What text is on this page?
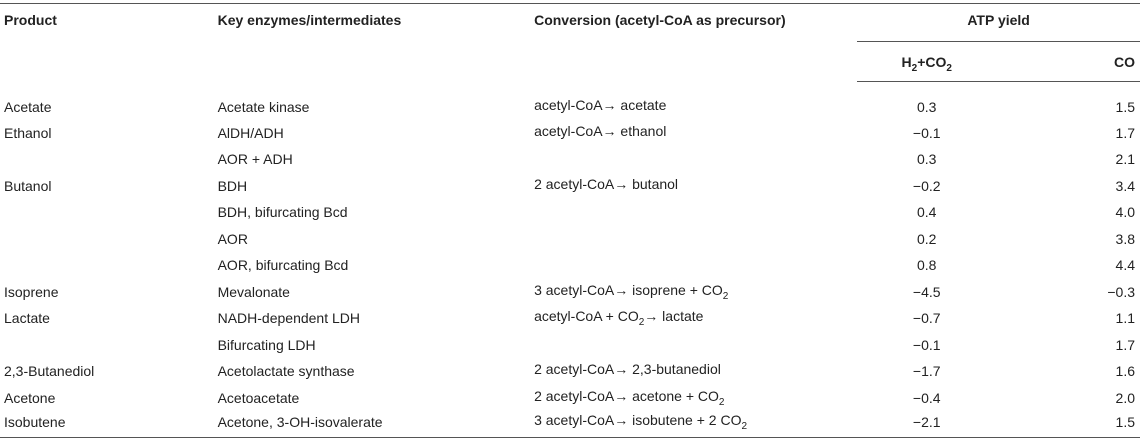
Product	Key enzymes/intermediates	Conversion (acetyl-CoA as precursor)	ATP yield	
			$H_2+CO_2$	CO
Acetate	Acetate kinase	acetyl-CoA→ acetate	0.3	1.5
Ethanol	AlDH/ADH	acetyl-CoA→ ethanol	−0.1	1.7
	AOR + ADH		0.3	2.1
Butanol	BDH	2 acetyl-CoA→ butanol	−0.2	3.4
	BDH, bifurcating Bcd		0.4	4.0
	AOR		0.2	3.8
	AOR, bifurcating Bcd		0.8	4.4
Isoprene	Mevalonate	3 acetyl-CoA→ isoprene + $CO_2$	−4.5	−0.3
Lactate	NADH-dependent LDH	acetyl-CoA + $CO_2\to$ lactate	−0.7	1.1
	Bifurcating LDH		−0.1	1.7
2,3-Butanediol	Acetolactate synthase	2 acetyl-CoA→ 2,3-butanediol	−1.7	1.6
Acetone	Acetoacetate	2 acetyl-CoA→ acetone + $CO_2$	−0.4	2.0
Isobutene	Acetone, 3-OH-isovalerate	3 acetyl-CoA→ isobutene + 2 $CO_2$	−2.1	1.5
